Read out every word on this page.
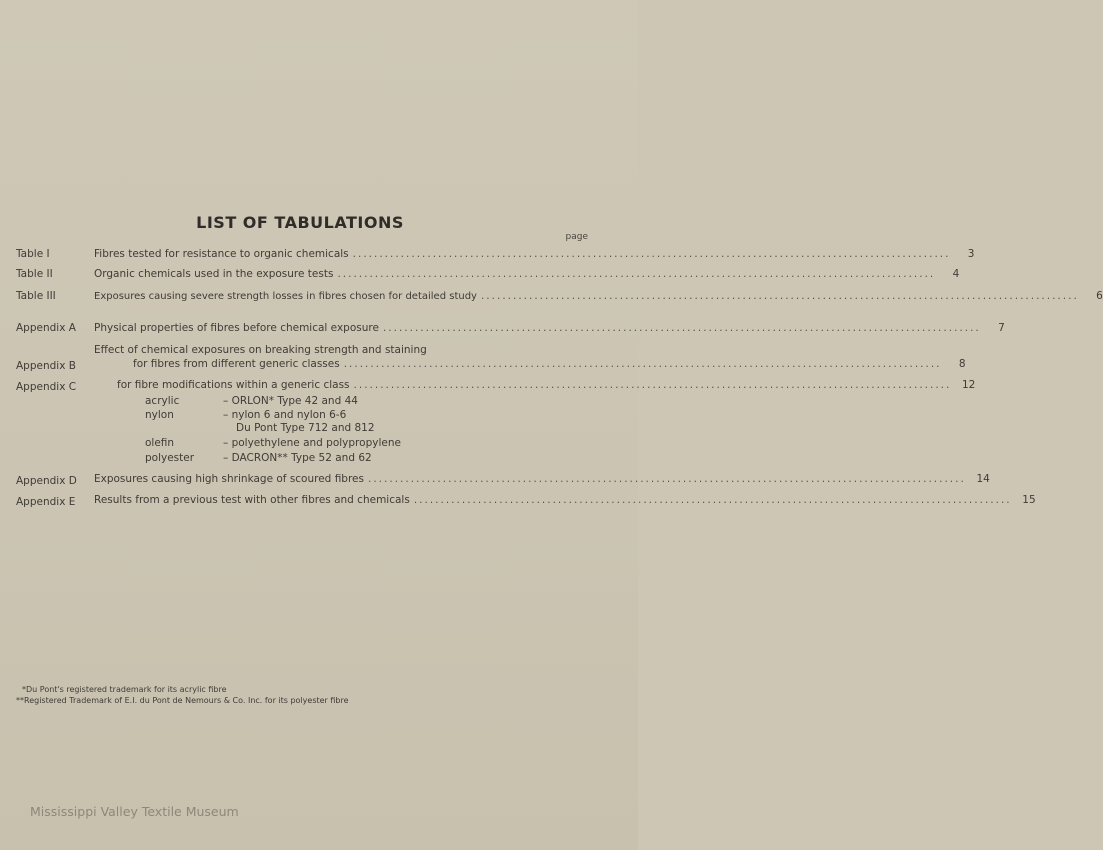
LIST OF TABULATIONS
page
Table I	Fibres tested for resistance to organic chemicals ................................................................................................................	3
Table II	Organic chemicals used in the exposure tests ................................................................................................................	4
Table III	Exposures causing severe strength losses in fibres chosen for detailed study ................................................................................................................	6
Appendix A Physical properties of fibres before chemical exposure ................................................................................................................	7
Effect of chemical exposures on breaking strength and staining
Appendix B	for fibres from different generic classes ................................................................................................................	8
Appendix C	for fibre modifications within a generic class ................................................................................................................	12
acrylic	– ORLON* Type 42 and 44
nylon	– nylon 6 and nylon 6-6
Du Pont Type 712 and 812
olefin	– polyethylene and polypropylene
polyester	– DACRON** Type 52 and 62
Appendix D Exposures causing high shrinkage of scoured fibres ................................................................................................................	14
Appendix E Results from a previous test with other fibres and chemicals ................................................................................................................	15
*Du Pont's registered trademark for its acrylic fibre
**Registered Trademark of E.I. du Pont de Nemours & Co. Inc. for its polyester fibre
Mississippi Valley Textile Museum
